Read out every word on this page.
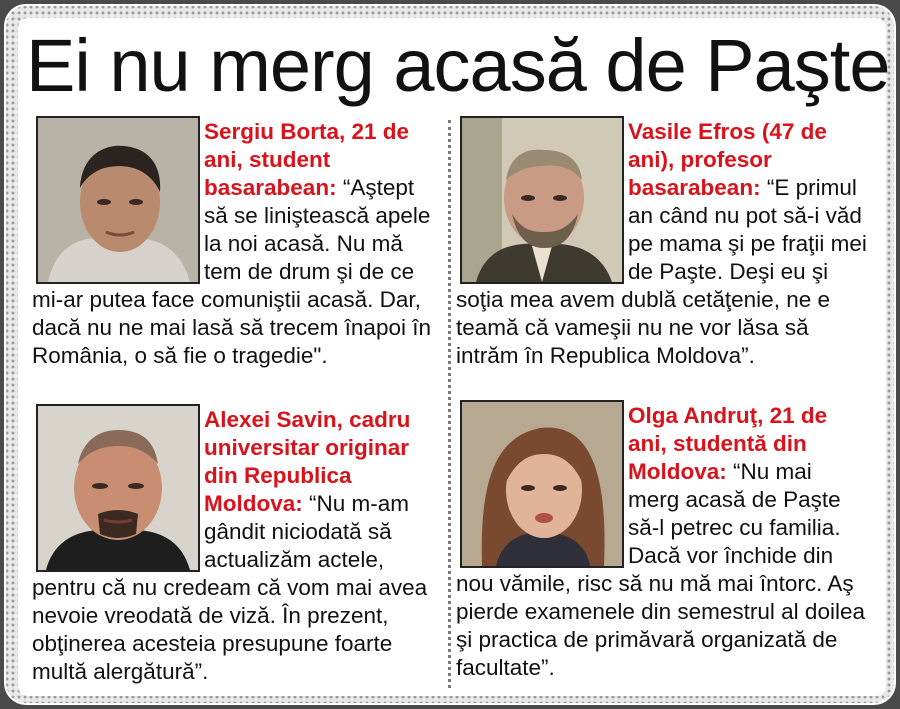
Ei nu merg acasă de Paşte
Sergiu Borta, 21 de ani, student basarabean: “Aştept să se liniştească apele la noi acasă. Nu mă tem de drum şi de ce mi-ar putea face comuniştii acasă. Dar, dacă nu ne mai lasă să trecem înapoi în România, o să fie o tragedie".
Vasile Efros (47 de ani), profesor basarabean: “E primul an când nu pot să-i văd pe mama şi pe fraţii mei de Paşte. Deşi eu şi soţia mea avem dublă cetăţenie, ne e teamă că vameşii nu ne vor lăsa să intrăm în Republica Moldova”.
Alexei Savin, cadru universitar originar din Republica Moldova: “Nu m-am gândit niciodată să actualizăm actele, pentru că nu credeam că vom mai avea nevoie vreodată de viză. În prezent, obţinerea acesteia presupune foarte multă alergătură”.
Olga Andruţ, 21 de ani, studentă din Moldova: “Nu mai merg acasă de Paşte să-l petrec cu familia. Dacă vor închide din nou vămile, risc să nu mă mai întorc. Aş pierde examenele din semestrul al doilea şi practica de primăvară organizată de facultate”.
